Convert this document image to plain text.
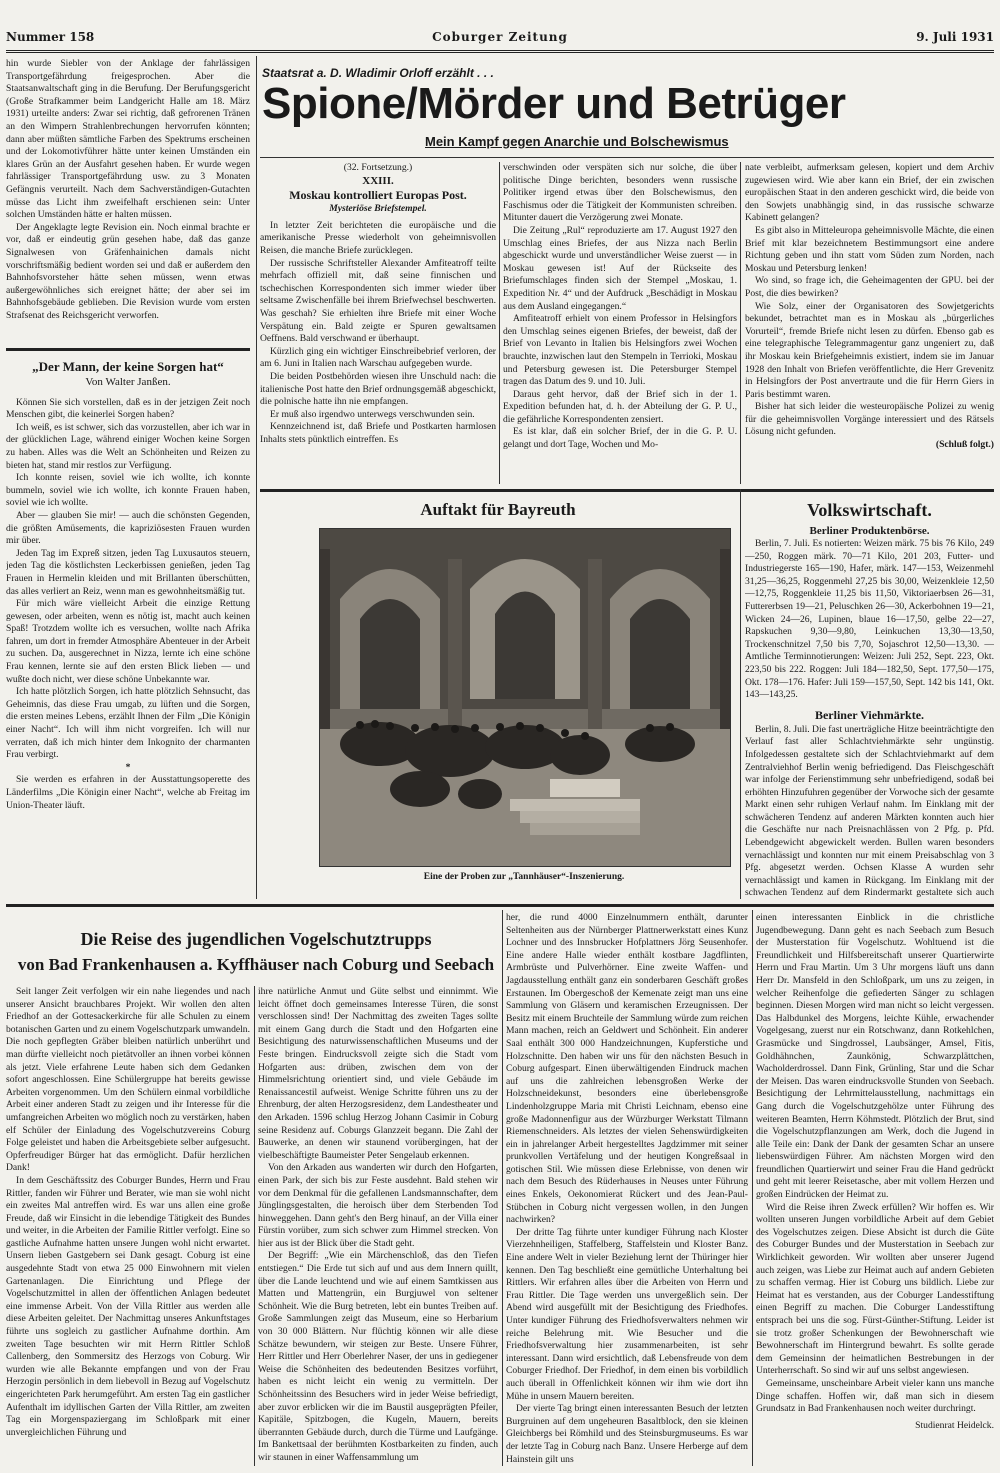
Nummer 158	Coburger Zeitung	9. Juli 1931

hin wurde Siebler von der Anklage der fahrlässigen Transportgefährdung freigesprochen. Aber die Staatsanwaltschaft ging in die Berufung. Der Berufungsgericht (Große Strafkammer beim Landgericht Halle am 18. März 1931) urteilte anders: Zwar sei richtig, daß gefrorenen Tränen an den Wimpern Strahlenbrechungen hervorrufen könnten; dann aber müßten sämtliche Farben des Spektrums erscheinen und der Lokomotivführer hätte unter keinen Umständen ein klares Grün an der Ausfahrt gesehen haben. Er wurde wegen fahrlässiger Transportgefährdung usw. zu 3 Monaten Gefängnis verurteilt. Nach dem Sachverständigen-Gutachten müsse das Licht ihm zweifelhaft erschienen sein: Unter solchen Umständen hätte er halten müssen.

Der Angeklagte legte Revision ein. Noch einmal brachte er vor, daß er eindeutig grün gesehen habe, daß das ganze Signalwesen von Gräfenhainichen damals nicht vorschriftsmäßig bedient worden sei und daß er außerdem den Bahnhofsvorsteher hätte sehen müssen, wenn etwas außergewöhnliches sich ereignet hätte; der aber sei im Bahnhofsgebäude geblieben. Die Revision wurde vom ersten Strafsenat des Reichsgericht verworfen.

„Der Mann, der keine Sorgen hat“

Von Walter Janßen.

Können Sie sich vorstellen, daß es in der jetzigen Zeit noch Menschen gibt, die keinerlei Sorgen haben?

Ich weiß, es ist schwer, sich das vorzustellen, aber ich war in der glücklichen Lage, während einiger Wochen keine Sorgen zu haben. Alles was die Welt an Schönheiten und Reizen zu bieten hat, stand mir restlos zur Verfügung.

Ich konnte reisen, soviel wie ich wollte, ich konnte bummeln, soviel wie ich wollte, ich konnte Frauen haben, soviel wie ich wollte.

Aber — glauben Sie mir! — auch die schönsten Gegenden, die größten Amüsements, die kapriziösesten Frauen wurden mir über.

Jeden Tag im Expreß sitzen, jeden Tag Luxusautos steuern, jeden Tag die köstlichsten Leckerbissen genießen, jeden Tag Frauen in Hermelin kleiden und mit Brillanten überschütten, das alles verliert an Reiz, wenn man es gewohnheitsmäßig tut.

Für mich wäre vielleicht Arbeit die einzige Rettung gewesen, oder arbeiten, wenn es nötig ist, macht auch keinen Spaß! Trotzdem wollte ich es versuchen, wollte nach Afrika fahren, um dort in fremder Atmosphäre Abenteuer in der Arbeit zu suchen. Da, ausgerechnet in Nizza, lernte ich eine schöne Frau kennen, lernte sie auf den ersten Blick lieben — und wußte doch nicht, wer diese schöne Unbekannte war.

Ich hatte plötzlich Sorgen, ich hatte plötzlich Sehnsucht, das Geheimnis, das diese Frau umgab, zu lüften und die Sorgen, die ersten meines Lebens, erzählt Ihnen der Film „Die Königin einer Nacht“. Ich will ihm nicht vorgreifen. Ich will nur verraten, daß ich mich hinter dem Inkognito der charmanten Frau verbirgt.

*

Sie werden es erfahren in der Ausstattungsoperette des Länderfilms „Die Königin einer Nacht“, welche ab Freitag im Union-Theater läuft.

Staatsrat a. D. Wladimir Orloff erzählt . . .
Spione/Mörder und Betrüger
Mein Kampf gegen Anarchie und Bolschewismus

(32. Fortsetzung.)

XXIII.

Moskau kontrolliert Europas Post.

Mysteriöse Briefstempel.

In letzter Zeit berichteten die europäische und die amerikanische Presse wiederholt von geheimnisvollen Reisen, die manche Briefe zurücklegen.

Der russische Schriftsteller Alexander Amfiteatroff teilte mehrfach offiziell mit, daß seine finnischen und tschechischen Korrespondenten sich immer wieder über seltsame Zwischenfälle bei ihrem Briefwechsel beschwerten. Was geschah? Sie erhielten ihre Briefe mit einer Woche Verspätung ein. Bald zeigte er Spuren gewaltsamen Oeffnens. Bald verschwand er überhaupt.

Kürzlich ging ein wichtiger Einschreibebrief verloren, der am 6. Juni in Italien nach Warschau aufgegeben wurde.

Die beiden Postbehörden wiesen ihre Unschuld nach: die italienische Post hatte den Brief ordnungsgemäß abgeschickt, die polnische hatte ihn nie empfangen.

Er muß also irgendwo unterwegs verschwunden sein.

Kennzeichnend ist, daß Briefe und Postkarten harmlosen Inhalts stets pünktlich eintreffen. Es

verschwinden oder verspäten sich nur solche, die über politische Dinge berichten, besonders wenn russische Politiker irgend etwas über den Bolschewismus, den Faschismus oder die Tätigkeit der Kommunisten schreiben. Mitunter dauert die Verzögerung zwei Monate.

Die Zeitung „Rul“ reproduzierte am 17. August 1927 den Umschlag eines Briefes, der aus Nizza nach Berlin abgeschickt wurde und unverständlicher Weise zuerst — in Moskau gewesen ist! Auf der Rückseite des Briefumschlages finden sich der Stempel „Moskau, 1. Expedition Nr. 4“ und der Aufdruck „Beschädigt in Moskau aus dem Ausland eingegangen.“

Amfiteatroff erhielt von einem Professor in Helsingfors den Umschlag seines eigenen Briefes, der beweist, daß der Brief von Levanto in Italien bis Helsingfors zwei Wochen brauchte, inzwischen laut den Stempeln in Terrioki, Moskau und Petersburg gewesen ist. Die Petersburger Stempel tragen das Datum des 9. und 10. Juli.

Daraus geht hervor, daß der Brief sich in der 1. Expedition befunden hat, d. h. der Abteilung der G. P. U., die gefährliche Korrespondenten zensiert.

Es ist klar, daß ein solcher Brief, der in die G. P. U. gelangt und dort Tage, Wochen und Mo-

nate verbleibt, aufmerksam gelesen, kopiert und dem Archiv zugewiesen wird. Wie aber kann ein Brief, der ein zwischen europäischen Staat in den anderen geschickt wird, die beide von den Sowjets unabhängig sind, in das russische schwarze Kabinett gelangen?

Es gibt also in Mitteleuropa geheimnisvolle Mächte, die einen Brief mit klar bezeichnetem Bestimmungsort eine andere Richtung geben und ihn statt vom Süden zum Norden, nach Moskau und Petersburg lenken!

Wo sind, so frage ich, die Geheimagenten der GPU. bei der Post, die dies bewirken?

Wie Solz, einer der Organisatoren des Sowjetgerichts bekundet, betrachtet man es in Moskau als „bürgerliches Vorurteil“, fremde Briefe nicht lesen zu dürfen. Ebenso gab es eine telegraphische Telegrammagentur ganz ungeniert zu, daß ihr Moskau kein Briefgeheimnis existiert, indem sie im Januar 1928 den Inhalt von Briefen veröffentlichte, die Herr Grevenitz in Helsingfors der Post anvertraute und die für Herrn Giers in Paris bestimmt waren.

Bisher hat sich leider die westeuropäische Polizei zu wenig für die geheimnisvollen Vorgänge interessiert und des Rätsels Lösung nicht gefunden.

(Schluß folgt.)

Auftakt für Bayreuth
Eine der Proben zur „Tannhäuser“-Inszenierung.
Volkswirtschaft.

Berliner Produktenbörse.

Berlin, 7. Juli. Es notierten: Weizen märk. 75 bis 76 Kilo, 249—250, Roggen märk. 70—71 Kilo, 201 203, Futter- und Industriegerste 165—190, Hafer, märk. 147—153, Weizenmehl 31,25—36,25, Roggenmehl 27,25 bis 30,00, Weizenkleie 12,50—12,75, Roggenkleie 11,25 bis 11,50, Viktoriaerbsen 26—31, Futtererbsen 19—21, Peluschken 26—30, Ackerbohnen 19—21, Wicken 24—26, Lupinen, blaue 16—17,50, gelbe 22—27, Rapskuchen 9,30—9,80, Leinkuchen 13,30—13,50, Trockenschnitzel 7,50 bis 7,70, Sojaschrot 12,50—13,30. — Amtliche Terminnotierungen: Weizen: Juli 252, Sept. 223, Okt. 223,50 bis 222. Roggen: Juli 184—182,50, Sept. 177,50—175, Okt. 178—176. Hafer: Juli 159—157,50, Sept. 142 bis 141, Okt. 143—143,25.

Berliner Viehmärkte.

Berlin, 8. Juli. Die fast unerträgliche Hitze beeinträchtigte den Verlauf fast aller Schlachtviehmärkte sehr ungünstig. Infolgedessen gestaltete sich der Schlachtviehmarkt auf dem Zentralviehhof Berlin wenig befriedigend. Das Fleischgeschäft war infolge der Ferienstimmung sehr unbefriedigend, sodaß bei erhöhten Hinzufuhren gegenüber der Vorwoche sich der gesamte Markt einen sehr ruhigen Verlauf nahm. Im Einklang mit der schwächeren Tendenz auf anderen Märkten konnten auch hier die Geschäfte nur nach Preisnachlässen von 2 Pfg. p. Pfd. Lebendgewicht abgewickelt werden. Bullen waren besonders vernachlässigt und konnten nur mit einem Preisabschlag von 3 Pfg. abgesetzt werden. Ochsen Klasse A wurden sehr vernachlässigt und kamen in Rückgang. Im Einklang mit der schwachen Tendenz auf dem Rindermarkt gestaltete sich auch

Die Reise des jugendlichen Vogelschutztrupps
von Bad Frankenhausen a. Kyffhäuser nach Coburg und Seebach

Seit langer Zeit verfolgen wir ein nahe liegendes und nach unserer Ansicht brauchbares Projekt. Wir wollen den alten Friedhof an der Gottesackerkirche für alle Schulen zu einem botanischen Garten und zu einem Vogelschutzpark umwandeln. Die noch gepflegten Gräber bleiben natürlich unberührt und man dürfte vielleicht noch pietätvoller an ihnen vorbei können als jetzt. Viele erfahrene Leute haben sich dem Gedanken sofort angeschlossen. Eine Schülergruppe hat bereits gewisse Arbeiten vorgenommen. Um den Schülern einmal vorbildliche Arbeit einer anderen Stadt zu zeigen und ihr Interesse für die umfangreichen Arbeiten wo möglich noch zu verstärken, haben elf Schüler der Einladung des Vogelschutzvereins Coburg Folge geleistet und haben die Arbeitsgebiete selber aufgesucht. Opferfreudiger Bürger hat das ermöglicht. Dafür herzlichen Dank!

In dem Geschäftssitz des Coburger Bundes, Herrn und Frau Rittler, fanden wir Führer und Berater, wie man sie wohl nicht ein zweites Mal antreffen wird. Es war uns allen eine große Freude, daß wir Einsicht in die lebendige Tätigkeit des Bundes und weiter, in die Arbeiten der Familie Rittler verfolgt. Eine so gastliche Aufnahme hatten unsere Jungen wohl nicht erwartet. Unsern lieben Gastgebern sei Dank gesagt. Coburg ist eine ausgedehnte Stadt von etwa 25 000 Einwohnern mit vielen Gartenanlagen. Die Einrichtung und Pflege der Vogelschutzmittel in allen der öffentlichen Anlagen bedeutet eine immense Arbeit. Von der Villa Rittler aus werden alle diese Arbeiten geleitet. Der Nachmittag unseres Ankunftstages führte uns sogleich zu gastlicher Aufnahme dorthin. Am zweiten Tage besuchten wir mit Herrn Rittler Schloß Callenberg, den Sommersitz des Herzogs von Coburg. Wir wurden wie alle Bekannte empfangen und von der Frau Herzogin persönlich in dem liebevoll in Bezug auf Vogelschutz eingerichteten Park herumgeführt. Am ersten Tag ein gastlicher Aufenthalt im idyllischen Garten der Villa Rittler, am zweiten Tag ein Morgenspaziergang im Schloßpark mit einer unvergleichlichen Führung und

ihre natürliche Anmut und Güte selbst und einnimmt. Wie leicht öffnet doch gemeinsames Interesse Türen, die sonst verschlossen sind! Der Nachmittag des zweiten Tages sollte mit einem Gang durch die Stadt und den Hofgarten eine Besichtigung des naturwissenschaftlichen Museums und der Feste bringen. Eindrucksvoll zeigte sich die Stadt vom Hofgarten aus: drüben, zwischen dem von der Himmelsrichtung orientiert sind, und viele Gebäude im Renaissancestil aufweist. Wenige Schritte führen uns zu der Ehrenburg, der alten Herzogsresidenz, dem Landestheater und den Arkaden. 1596 schlug Herzog Johann Casimir in Coburg seine Residenz auf. Coburgs Glanzzeit begann. Die Zahl der Bauwerke, an denen wir staunend vorübergingen, hat der vielbeschäftigte Baumeister Peter Sengelaub erkennen.

Von den Arkaden aus wanderten wir durch den Hofgarten, einen Park, der sich bis zur Feste ausdehnt. Bald stehen wir vor dem Denkmal für die gefallenen Landsmannschafter, dem Jünglingsgestalten, die heroisch über dem Sterbenden Tod hinweggehen. Dann geht's den Berg hinauf, an der Villa einer Fürstin vorüber, zum sich schwer zum Himmel strecken. Von hier aus ist der Blick über die Stadt geht.

Der Begriff: „Wie ein Märchenschloß, das den Tiefen entstiegen.“ Die Erde tut sich auf und aus dem Innern quillt, über die Lande leuchtend und wie auf einem Samtkissen aus Matten und Mattengrün, ein Burgjuwel von seltener Schönheit. Wie die Burg betreten, lebt ein buntes Treiben auf. Große Sammlungen zeigt das Museum, eine so Herbarium von 30 000 Blättern. Nur flüchtig können wir alle diese Schätze bewundern, wir steigen zur Beste. Unsere Führer, Herr Rittler und Herr Oberlehrer Naser, der uns in gediegener Weise die Schönheiten des bedeutenden Besitzes vorführt, haben es nicht leicht ein wenig zu vermitteln. Der Schönheitssinn des Besuchers wird in jeder Weise befriedigt, aber zuvor erblicken wir die im Baustil ausgeprägten Pfeiler, Kapitäle, Spitzbogen, die Kugeln, Mauern, bereits überrannten Gebäude durch, durch die Türme und Laufgänge. Im Bankettsaal der berühmten Kostbarkeiten zu finden, auch wir staunen in einer Waffensammlung um

her, die rund 4000 Einzelnummern enthält, darunter Seltenheiten aus der Nürnberger Plattnerwerkstatt eines Kunz Lochner und des Innsbrucker Hofplattners Jörg Seusenhofer. Eine andere Halle wieder enthält kostbare Jagdflinten, Armbrüste und Pulverhörner. Eine zweite Waffen- und Jagdausstellung enthält ganz ein sonderbaren Geschäft großes Erstaunen. Im Obergeschoß der Kemenate zeigt man uns eine Sammlung von Gläsern und keramischen Erzeugnissen. Der Besitz mit einem Bruchteile der Sammlung würde zum reichen Mann machen, reich an Geldwert und Schönheit. Ein anderer Saal enthält 300 000 Handzeichnungen, Kupferstiche und Holzschnitte. Den haben wir uns für den nächsten Besuch in Coburg aufgespart. Einen überwältigenden Eindruck machen auf uns die zahlreichen lebensgroßen Werke der Holzschneidekunst, besonders eine überlebensgroße Lindenholzgruppe Maria mit Christi Leichnam, ebenso eine große Madonnenfigur aus der Würzburger Werkstatt Tilmann Riemenschneiders. Als letztes der vielen Sehenswürdigkeiten ein in jahrelanger Arbeit hergestelltes Jagdzimmer mit seiner prunkvollen Vertäfelung und der heutigen Kongreßsaal in gotischen Stil. Wie müssen diese Erlebnisse, von denen wir nach dem Besuch des Rüderhauses in Neuses unter Führung eines Enkels, Oekonomierat Rückert und des Jean-Paul-Stübchen in Coburg nicht vergessen wollen, in den Jungen nachwirken?

Der dritte Tag führte unter kundiger Führung nach Kloster Vierzehnheiligen, Staffelberg, Staffelstein und Kloster Banz. Eine andere Welt in vieler Beziehung lernt der Thüringer hier kennen. Den Tag beschließt eine gemütliche Unterhaltung bei Rittlers. Wir erfahren alles über die Arbeiten von Herrn und Frau Rittler. Die Tage werden uns unvergeßlich sein. Der Abend wird ausgefüllt mit der Besichtigung des Friedhofes. Unter kundiger Führung des Friedhofsverwalters nehmen wir reiche Belehrung mit. Wie Besucher und die Friedhofsverwaltung hier zusammenarbeiten, ist sehr interessant. Dann wird ersichtlich, daß Lebensfreude von dem Coburger Friedhof. Der Friedhof, in dem einen bis vorbildlich auch überall in Offenlichkeit können wir ihm wie dort ihn Mühe in unsern Mauern bereiten.

Der vierte Tag bringt einen interessanten Besuch der letzten Burgruinen auf dem ungeheuren Basaltblock, den sie kleinen Gleichbergs bei Römhild und des Steinsburgmuseums. Es war der letzte Tag in Coburg nach Banz. Unsere Herberge auf dem Hainstein gilt uns

einen interessanten Einblick in die christliche Jugendbewegung. Dann geht es nach Seebach zum Besuch der Musterstation für Vogelschutz. Wohltuend ist die Freundlichkeit und Hilfsbereitschaft unserer Quartierwirte Herrn und Frau Martin. Um 3 Uhr morgens läuft uns dann Herr Dr. Mansfeld in den Schloßpark, um uns zu zeigen, in welcher Reihenfolge die gefiederten Sänger zu schlagen beginnen. Diesen Morgen wird man nicht so leicht vergessen. Das Halbdunkel des Morgens, leichte Kühle, erwachender Vogelgesang, zuerst nur ein Rotschwanz, dann Rotkehlchen, Grasmücke und Singdrossel, Laubsänger, Amsel, Fitis, Goldhähnchen, Zaunkönig, Schwarzplättchen, Wacholderdrossel. Dann Fink, Grünling, Star und die Schar der Meisen. Das waren eindrucksvolle Stunden von Seebach. Besichtigung der Lehrmittelausstellung, nachmittags ein Gang durch die Vogelschutzgehölze unter Führung des weiteren Beamten, Herrn Köhmstedt. Plötzlich der Brut, sind die Vogelschutzpflanzungen am Werk, doch die Jugend in alle Teile ein: Dank der Dank der gesamten Schar an unsere liebenswürdigen Führer. Am nächsten Morgen wird den freundlichen Quartierwirt und seiner Frau die Hand gedrückt und geht mit leerer Reisetasche, aber mit vollem Herzen und großen Eindrücken der Heimat zu.

Wird die Reise ihren Zweck erfüllen? Wir hoffen es. Wir wollten unseren Jungen vorbildliche Arbeit auf dem Gebiet des Vogelschutzes zeigen. Diese Absicht ist durch die Güte des Coburger Bundes und der Musterstation in Seebach zur Wirklichkeit geworden. Wir wollten aber unserer Jugend auch zeigen, was Liebe zur Heimat auch auf andern Gebieten zu schaffen vermag. Hier ist Coburg uns bildlich. Liebe zur Heimat hat es verstanden, aus der Coburger Landesstiftung einen Begriff zu machen. Die Coburger Landesstiftung entsprach bei uns die sog. Fürst-Günther-Stiftung. Leider ist sie trotz großer Schenkungen der Bewohnerschaft wie Bewohnerschaft im Hintergrund bewahrt. Es sollte gerade dem Gemeinsinn der heimatlichen Bestrebungen in der Unterherrschaft. So sind wir auf uns selbst angewiesen.

Gemeinsame, unscheinbare Arbeit vieler kann uns manche Dinge schaffen. Hoffen wir, daß man sich in diesem Grundsatz in Bad Frankenhausen noch weiter durchringt.

Studienrat Heidelck.
